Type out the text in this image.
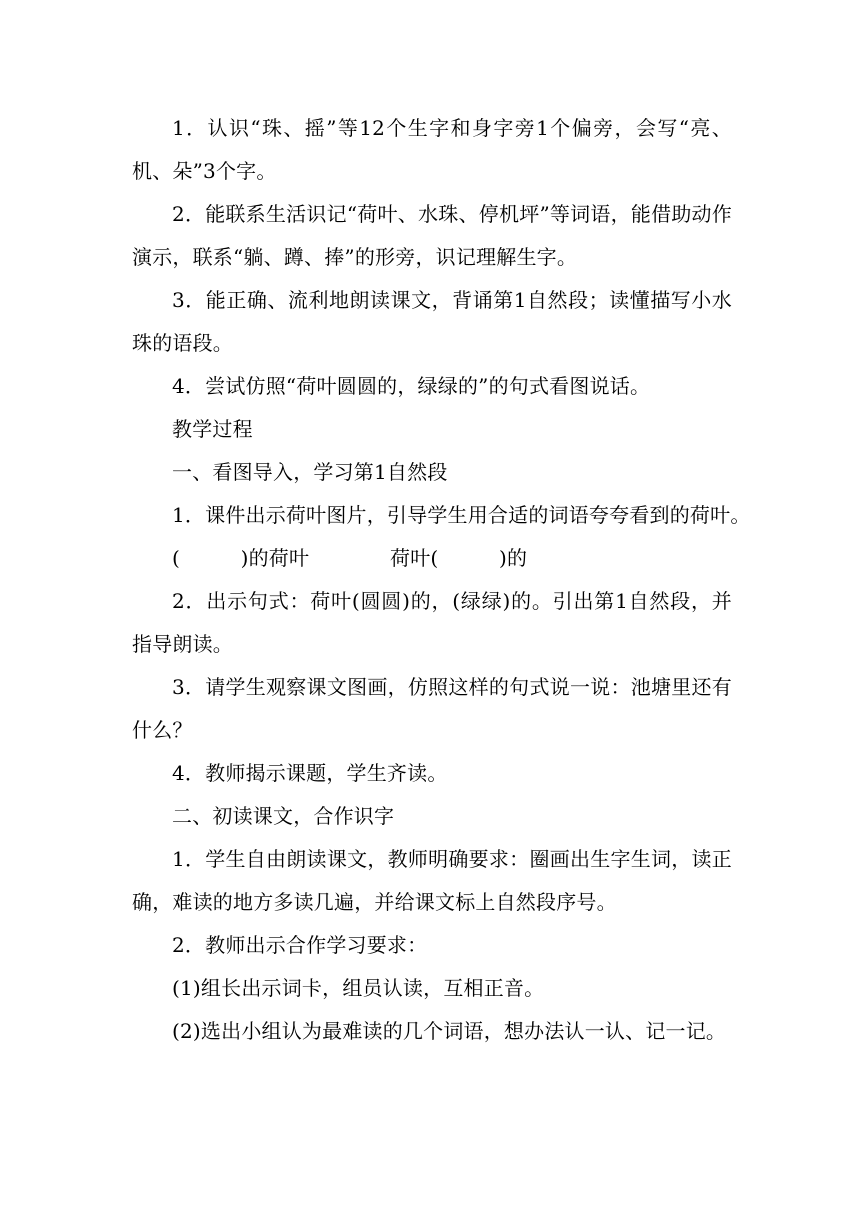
1．认识“珠、摇”等12个生字和身字旁1个偏旁，会写“亮、机、朵”3个字。

2．能联系生活识记“荷叶、水珠、停机坪”等词语，能借助动作演示，联系“躺、蹲、捧”的形旁，识记理解生字。

3．能正确、流利地朗读课文，背诵第1自然段；读懂描写小水珠的语段。

4．尝试仿照“荷叶圆圆的，绿绿的”的句式看图说话。

教学过程

一、看图导入，学习第1自然段

1．课件出示荷叶图片，引导学生用合适的词语夸夸看到的荷叶。

(　　　)的荷叶　　　　荷叶(　　　)的

2．出示句式：荷叶(圆圆)的，(绿绿)的。引出第1自然段，并指导朗读。

3．请学生观察课文图画，仿照这样的句式说一说：池塘里还有什么？

4．教师揭示课题，学生齐读。

二、初读课文，合作识字

1．学生自由朗读课文，教师明确要求：圈画出生字生词，读正确，难读的地方多读几遍，并给课文标上自然段序号。

2．教师出示合作学习要求：

(1)组长出示词卡，组员认读，互相正音。

(2)选出小组认为最难读的几个词语，想办法认一认、记一记。
